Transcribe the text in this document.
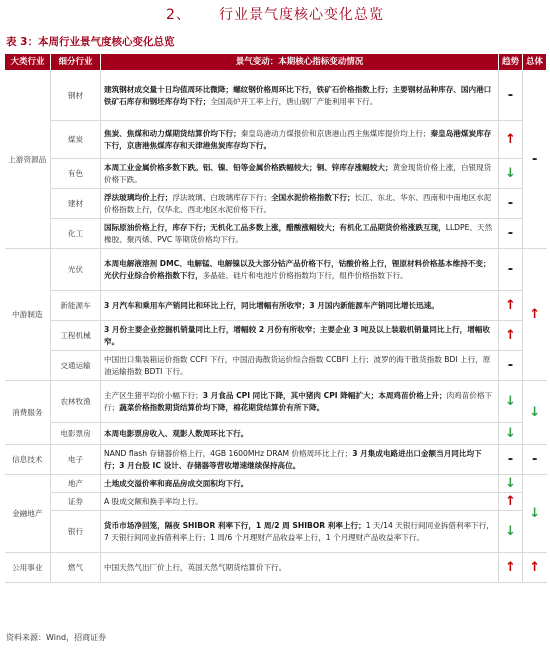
2、 行业景气度核心变化总览
表 3：本周行业景气度核心变化总览
大类行业	细分行业	景气变动：本期核心指标变动情况	趋势	总体
上游资源品	钢材	建筑钢材成交量十日均值周环比微降；螺纹钢价格周环比下行，铁矿石价格指数上行；主要钢材品种库存、国内港口铁矿石库存和钢坯库存均下行；全国高炉开工率上行，唐山钢厂产能利用率下行。	-	-
	煤炭	焦炭、焦煤和动力煤期货结算价均下行；秦皇岛港动力煤报价和京唐港山西主焦煤库提价均上行；秦皇岛港煤炭库存下行，京唐港焦煤库存和天津港焦炭库存均下行。	↑	
	有色	本周工业金属价格多数下跌。铝、镍、铅等金属价格跌幅较大；铜、锌库存涨幅较大；黄金现货价格上涨，白银现货价格下跌。	↓	
	建材	浮法玻璃均价上行；浮法玻璃、白玻璃库存下行；全国水泥价格指数下行；长江、东北、华东、西南和中南地区水泥价格指数上行，仅华北、西北地区水泥价格下行。	-	
	化工	国际原油价格上行，库存下行；无机化工品多数上涨，醋酸涨幅较大；有机化工品期货价格涨跌互现，LLDPE、天然橡胶、聚丙烯、PVC 等期货价格均下行。	-	
中游制造	光伏	本周电解液溶剂 DMC、电解锰、电解镍以及大部分钴产品价格下行，钴酸价格上行，锂原材料价格基本维持不变；光伏行业综合价格指数下行，多晶硅、硅片和电池片价格指数均下行，组件价格指数下行。	-	↑
	新能源车	3 月汽车和乘用车产销同比和环比上行，同比增幅有所收窄；3 月国内新能源车产销同比增长迅速。	↑	
	工程机械	3 月份主要企业挖掘机销量同比上行，增幅较 2 月份有所收窄；主要企业 3 吨及以上装载机销量同比上行，增幅收窄。	↑	
	交通运输	中国出口集装箱运价指数 CCFI 下行，中国沿海散货运价综合指数 CCBFI 上行；波罗的海干散货指数 BDI 上行，原油运输指数 BDTI 下行。	-	
消费服务	农林牧渔	主产区生猪平均价小幅下行；3 月食品 CPI 同比下降，其中猪肉 CPI 降幅扩大；本周鸡苗价格上升；肉鸡苗价格下行；蔬菜价格指数期货结算价均下降，棉花期货结算价有所下降。	↓	↓
	电影票房	本周电影票房收入、观影人数周环比下行。	↓	
信息技术	电子	NAND flash 存储器价格上行，4GB 1600MHz DRAM 价格周环比上行；3 月集成电路进出口金额当月同比均下行；3 月台股 IC 设计、存储器等营收增速继续保持高位。	-	-
金融地产	地产	土地成交溢价率和商品房成交面积均下行。	↓	↓
	证券	A 股成交额和换手率均上行。	↑	
	银行	货币市场净回笼，隔夜 SHIBOR 利率下行，1 周/2 周 SHIBOR 利率上行；1 天/14 天银行间同业拆借利率下行，7 天银行间同业拆借利率上行；1 周/6 个月理财产品收益率上行，1 个月理财产品收益率下行。	↓	
公用事业	燃气	中国天然气出厂价上行，英国天然气期货结算价下行。	↑	↑
资料来源：Wind，招商证券
